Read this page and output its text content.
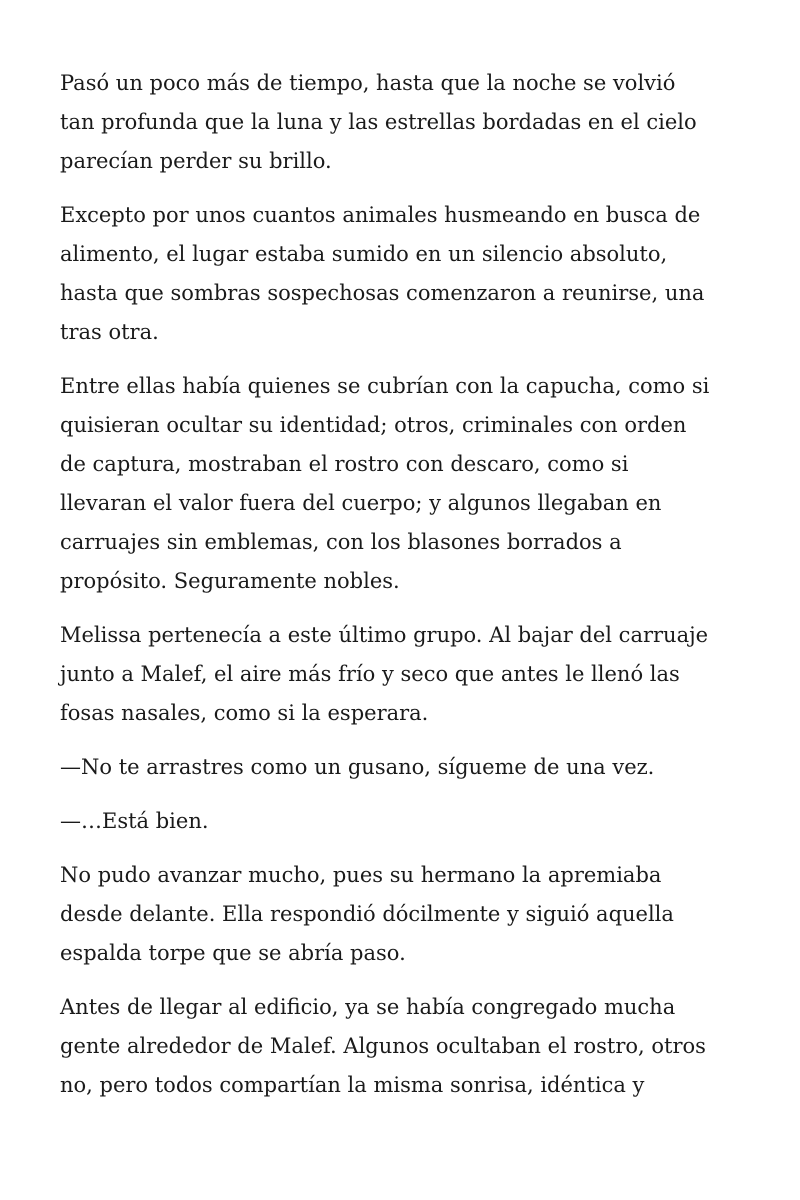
Pasó un poco más de tiempo, hasta que la noche se volvió
tan profunda que la luna y las estrellas bordadas en el cielo
parecían perder su brillo.

Excepto por unos cuantos animales husmeando en busca de
alimento, el lugar estaba sumido en un silencio absoluto,
hasta que sombras sospechosas comenzaron a reunirse, una
tras otra.

Entre ellas había quienes se cubrían con la capucha, como si
quisieran ocultar su identidad; otros, criminales con orden
de captura, mostraban el rostro con descaro, como si
llevaran el valor fuera del cuerpo; y algunos llegaban en
carruajes sin emblemas, con los blasones borrados a
propósito. Seguramente nobles.

Melissa pertenecía a este último grupo. Al bajar del carruaje
junto a Malef, el aire más frío y seco que antes le llenó las
fosas nasales, como si la esperara.

—No te arrastres como un gusano, sígueme de una vez.

—…Está bien.

No pudo avanzar mucho, pues su hermano la apremiaba
desde delante. Ella respondió dócilmente y siguió aquella
espalda torpe que se abría paso.

Antes de llegar al edificio, ya se había congregado mucha
gente alrededor de Malef. Algunos ocultaban el rostro, otros
no, pero todos compartían la misma sonrisa, idéntica y
